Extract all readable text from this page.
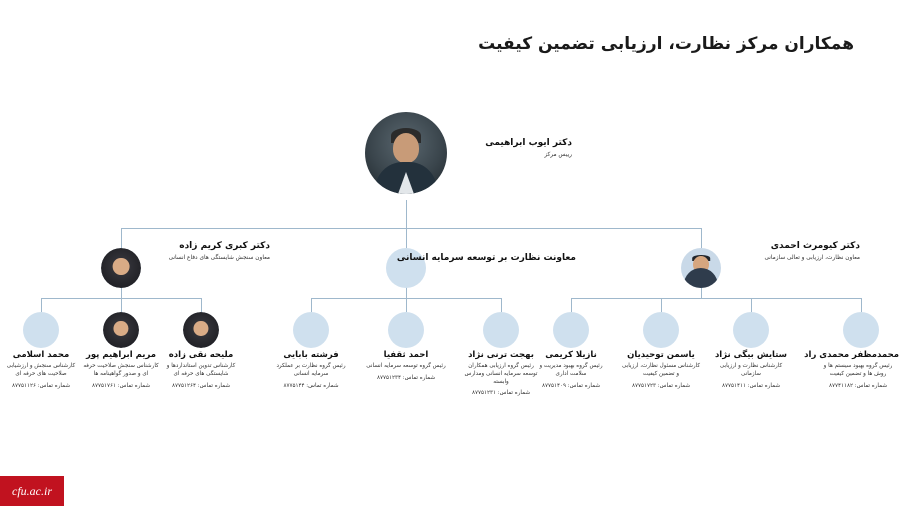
همکاران مرکز نظارت، ارزیابی تضمین کیفیت
دکتر ایوب ابراهیمی
رییس مرکز
دکتر کبری کریم زاده
معاون سنجش شایستگی های دفاع انسانی	معاونت نظارت بر توسعه سرمایه انسانی
دکتر کیومرث احمدی
معاون نظارت، ارزیابی و تعالی سازمانی
محمد اسلامی
کارشناس سنجش و ارزشیابی صلاحیت های حرفه ای
شماره تماس: ۸۷۷۵۱۱۲۶
مریم ابراهیم پور
کارشناس سنجش صلاحیت حرفه ای و صدور گواهینامه ها
شماره تماس: ۸۷۷۵۱۷۶۱
ملیحه نقی زاده
کارشناس تدوین استانداردها و شایستگی های حرفه ای
شماره تماس: ۸۷۷۵۱۲۶۴
فرشته بابایی
رئیس گروه نظارت بر عملکرد سرمایه انسانی
شماره تماس: ۸۷۷۵۱۴۴
احمد ثقفیا
رئیس گروه توسعه سرمایه انسانی
شماره تماس: ۸۷۷۵۱۲۳۴
بهجت ترنی نژاد
رئیس گروه ارزیابی همکاران توسعه سرمایه انسانی ومدارس وابسته
شماره تماس: ۸۷۷۵۱۲۳۱
نازیلا کریمی
رئیس گروه بهبود مدیریت و سلامت اداری
شماره تماس: ۸۷۷۵۱۴۰۹
یاسمن توحیدیان
کارشناس مسئول نظارت، ارزیابی و تضمین کیفیت
شماره تماس: ۸۷۷۵۱۷۲۳
ستایش بیگی نژاد
کارشناس نظارت و ارزیابی سازمانی
شماره تماس: ۸۷۷۵۱۴۱۱
محمدمظفر محمدی راد
رئیس گروه بهبود سیستم ها و روش ها و تضمین کیفیت
شماره تماس: ۸۷۷۴۱۱۸۲
cfu.ac.ir
